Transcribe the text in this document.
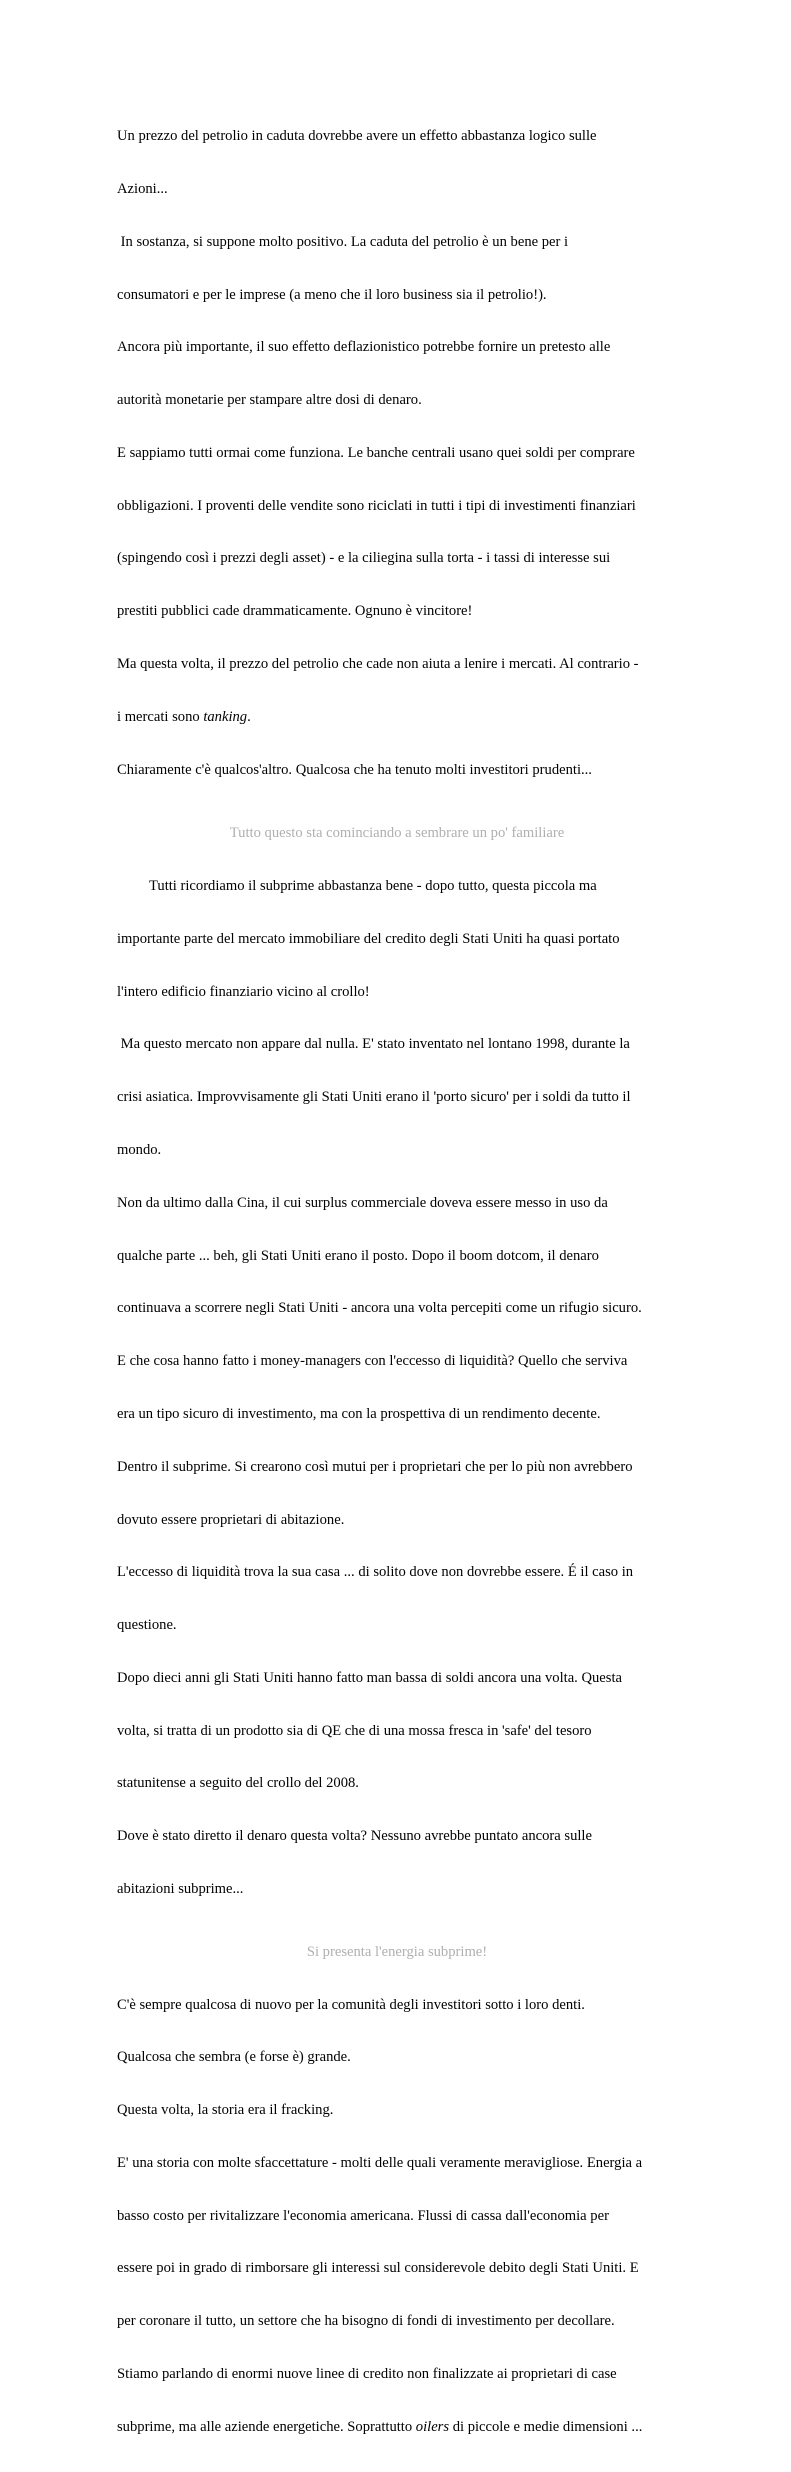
Un prezzo del petrolio in caduta dovrebbe avere un effetto abbastanza logico sulle

Azioni...

In sostanza, si suppone molto positivo. La caduta del petrolio è un bene per i

consumatori e per le imprese (a meno che il loro business sia il petrolio!).

Ancora più importante, il suo effetto deflazionistico potrebbe fornire un pretesto alle

autorità monetarie per stampare altre dosi di denaro.

E sappiamo tutti ormai come funziona. Le banche centrali usano quei soldi per comprare

obbligazioni. I proventi delle vendite sono riciclati in tutti i tipi di investimenti finanziari

(spingendo così i prezzi degli asset) - e la ciliegina sulla torta - i tassi di interesse sui

prestiti pubblici cade drammaticamente. Ognuno è vincitore!

Ma questa volta, il prezzo del petrolio che cade non aiuta a lenire i mercati. Al contrario -

i mercati sono tanking.

Chiaramente c'è qualcos'altro. Qualcosa che ha tenuto molti investitori prudenti...

Tutto questo sta cominciando a sembrare un po' familiare

Tutti ricordiamo il subprime abbastanza bene - dopo tutto, questa piccola ma

importante parte del mercato immobiliare del credito degli Stati Uniti ha quasi portato

l'intero edificio finanziario vicino al crollo!

Ma questo mercato non appare dal nulla. E' stato inventato nel lontano 1998, durante la

crisi asiatica. Improvvisamente gli Stati Uniti erano il 'porto sicuro' per i soldi da tutto il

mondo.

Non da ultimo dalla Cina, il cui surplus commerciale doveva essere messo in uso da

qualche parte ... beh, gli Stati Uniti erano il posto. Dopo il boom dotcom, il denaro

continuava a scorrere negli Stati Uniti - ancora una volta percepiti come un rifugio sicuro.

E che cosa hanno fatto i money-managers con l'eccesso di liquidità? Quello che serviva

era un tipo sicuro di investimento, ma con la prospettiva di un rendimento decente.

Dentro il subprime. Si crearono così mutui per i proprietari che per lo più non avrebbero

dovuto essere proprietari di abitazione.

L'eccesso di liquidità trova la sua casa ... di solito dove non dovrebbe essere. É il caso in

questione.

Dopo dieci anni gli Stati Uniti hanno fatto man bassa di soldi ancora una volta. Questa

volta, si tratta di un prodotto sia di QE che di una mossa fresca in 'safe' del tesoro

statunitense a seguito del crollo del 2008.

Dove è stato diretto il denaro questa volta? Nessuno avrebbe puntato ancora sulle

abitazioni subprime...

Si presenta l'energia subprime!

C'è sempre qualcosa di nuovo per la comunità degli investitori sotto i loro denti.

Qualcosa che sembra (e forse è) grande.

Questa volta, la storia era il fracking.

E' una storia con molte sfaccettature - molti delle quali veramente meravigliose. Energia a

basso costo per rivitalizzare l'economia americana. Flussi di cassa dall'economia per

essere poi in grado di rimborsare gli interessi sul considerevole debito degli Stati Uniti. E

per coronare il tutto, un settore che ha bisogno di fondi di investimento per decollare.

Stiamo parlando di enormi nuove linee di credito non finalizzate ai proprietari di case

subprime, ma alle aziende energetiche. Soprattutto oilers di piccole e medie dimensioni ...
